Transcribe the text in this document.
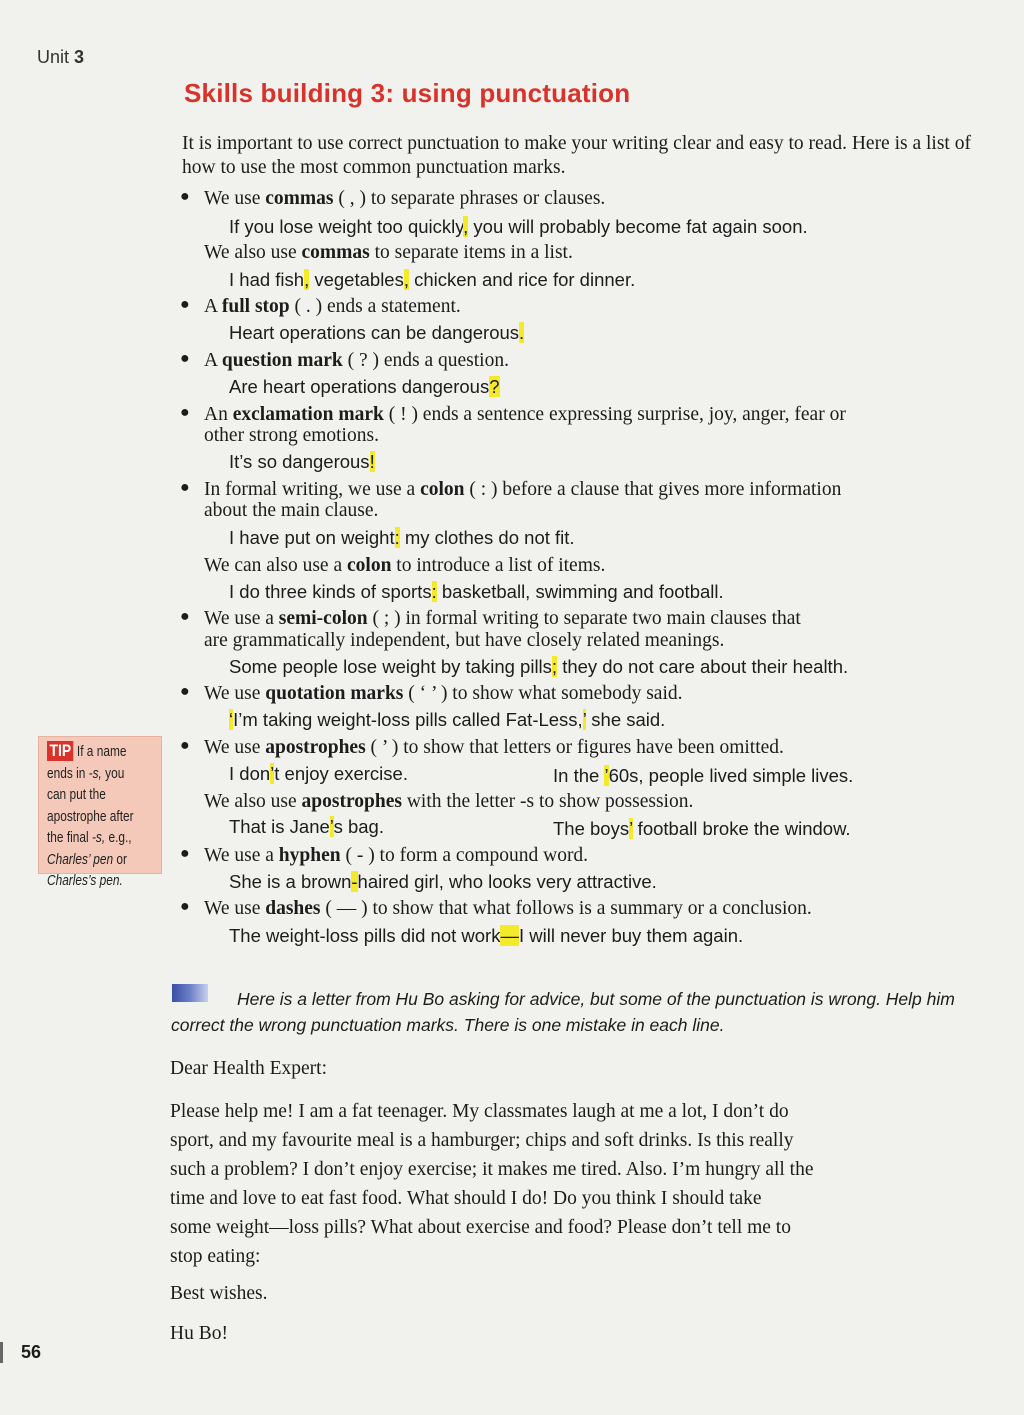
Unit 3
Skills building 3: using punctuation
It is important to use correct punctuation to make your writing clear and easy to read. Here is a list of how to use the most common punctuation marks.
● We use commas ( , ) to separate phrases or clauses.
If you lose weight too quickly, you will probably become fat again soon.
We also use commas to separate items in a list.
I had fish, vegetables, chicken and rice for dinner.
● A full stop ( . ) ends a statement.
Heart operations can be dangerous.
● A question mark ( ? ) ends a question.
Are heart operations dangerous?
● An exclamation mark ( ! ) ends a sentence expressing surprise, joy, anger, fear or
other strong emotions.
It’s so dangerous!
● In formal writing, we use a colon ( : ) before a clause that gives more information
about the main clause.
I have put on weight: my clothes do not fit.
We can also use a colon to introduce a list of items.
I do three kinds of sports: basketball, swimming and football.
● We use a semi-colon ( ; ) in formal writing to separate two main clauses that
are grammatically independent, but have closely related meanings.
Some people lose weight by taking pills; they do not care about their health.
● We use quotation marks ( ‘ ’ ) to show what somebody said.
‘I’m taking weight-loss pills called Fat-Less,’ she said.
● We use apostrophes ( ’ ) to show that letters or figures have been omitted.
I don’t enjoy exercise.	In the ’60s, people lived simple lives.
We also use apostrophes with the letter -s to show possession.
That is Jane’s bag.	The boys’ football broke the window.
● We use a hyphen ( - ) to form a compound word.
She is a brown-haired girl, who looks very attractive.
● We use dashes ( — ) to show that what follows is a summary or a conclusion.
The weight-loss pills did not work—I will never buy them again.
TIP If a name ends in -s, you can put the apostrophe after the final -s, e.g., Charles’ pen or Charles’s pen.
Here is a letter from Hu Bo asking for advice, but some of the punctuation is wrong. Help him correct the wrong punctuation marks. There is one mistake in each line.
Dear Health Expert:
Please help me! I am a fat teenager. My classmates laugh at me a lot, I don’t do
sport, and my favourite meal is a hamburger; chips and soft drinks. Is this really
such a problem? I don’t enjoy exercise; it makes me tired. Also. I’m hungry all the
time and love to eat fast food. What should I do! Do you think I should take
some weight—loss pills? What about exercise and food? Please don’t tell me to
stop eating:
Best wishes.
Hu Bo!
56
